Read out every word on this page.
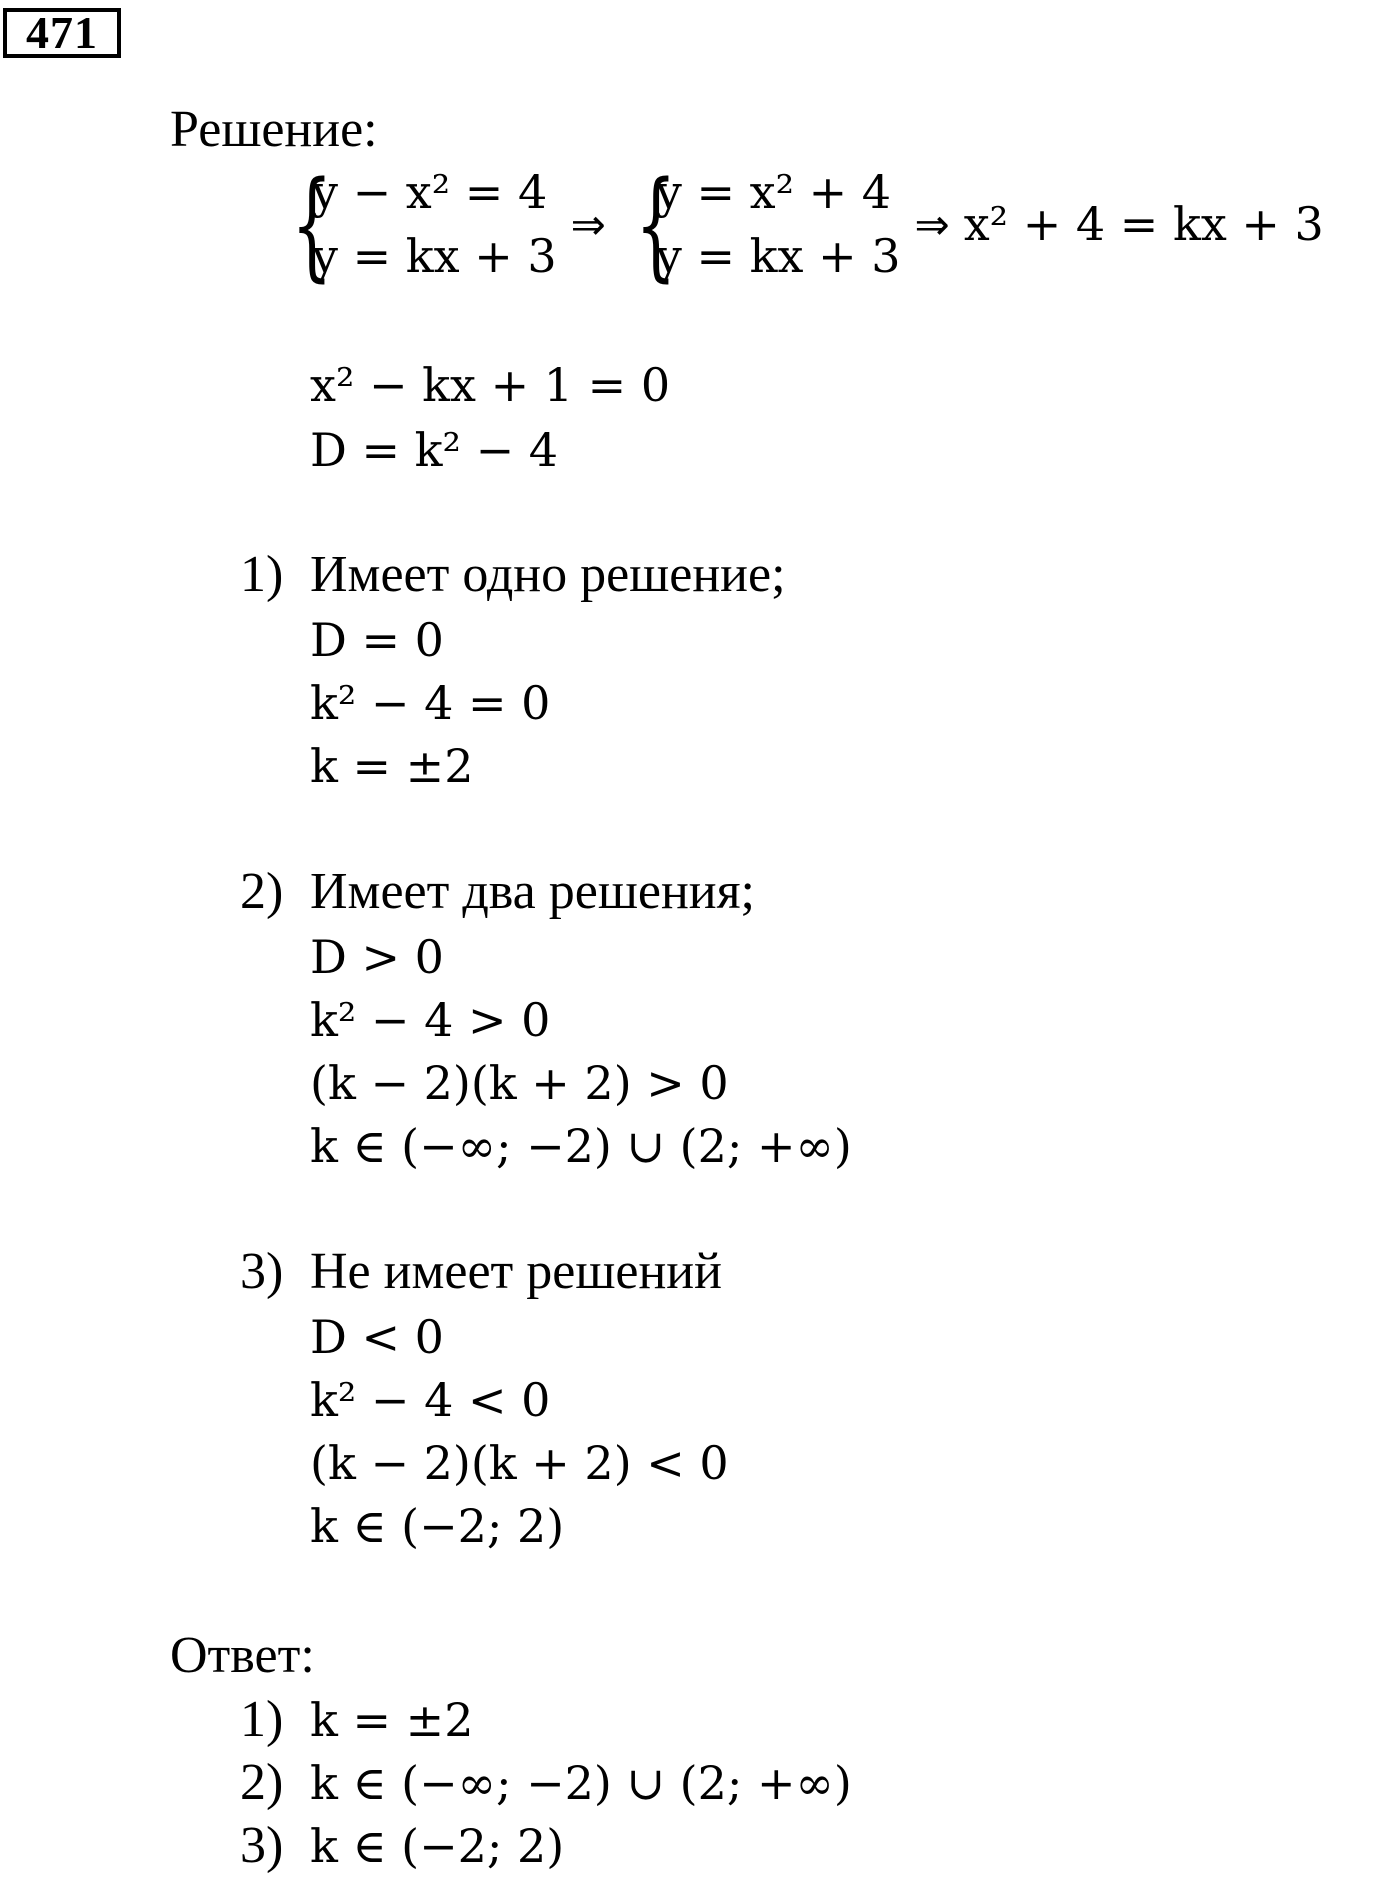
471
Решение:
{
y − x² = 4
y = kx + 3
⇒ {
y = x² + 4
y = kx + 3
⇒ x² + 4 = kx + 3
x² − kx + 1 = 0
D = k² − 4
1) Имеет одно решение;
D = 0
k² − 4 = 0
k = ±2
2) Имеет два решения;
D > 0
k² − 4 > 0
(k − 2)(k + 2) > 0
k ∈ (−∞; −2) ∪ (2; +∞)
3) Не имеет решений
D < 0
k² − 4 < 0
(k − 2)(k + 2) < 0
k ∈ (−2; 2)
Ответ:
1) k = ±2
2) k ∈ (−∞; −2) ∪ (2; +∞)
3) k ∈ (−2; 2)
